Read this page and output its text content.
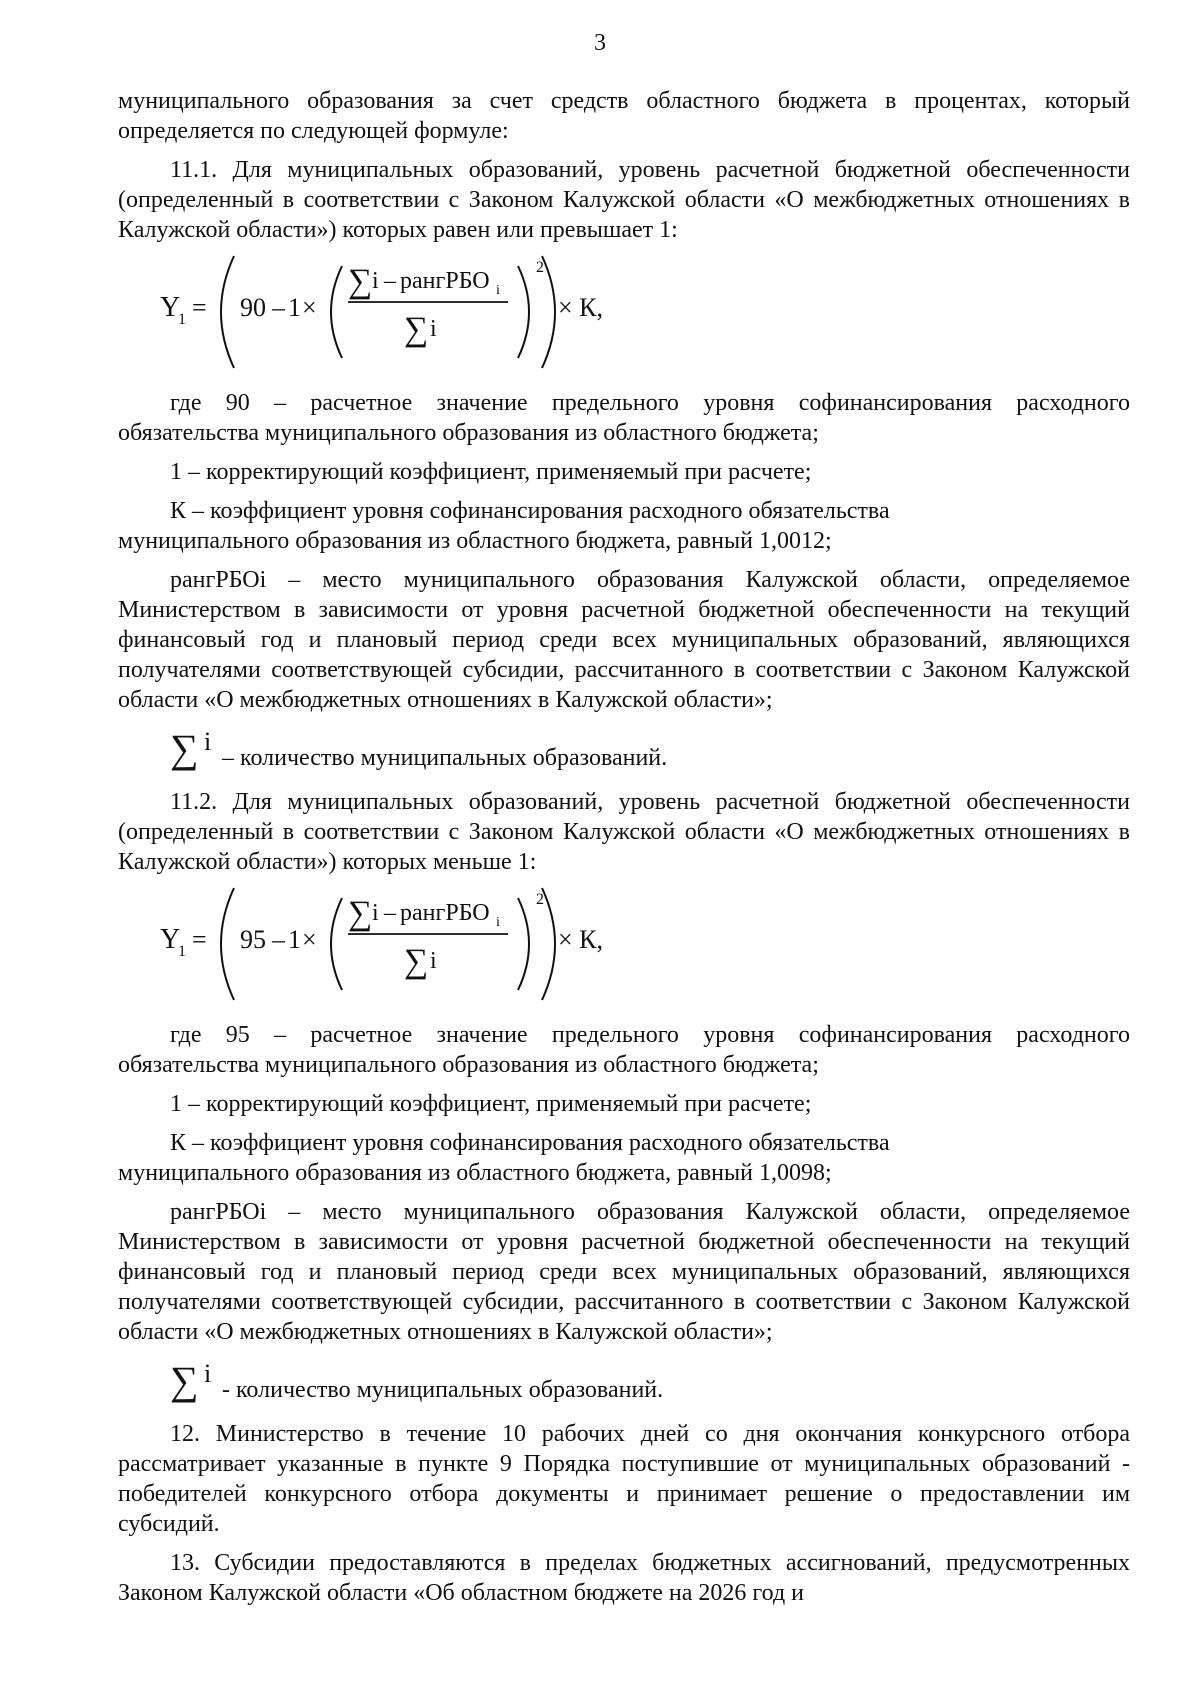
3

муниципального образования за счет средств областного бюджета в процентах, который определяется по следующей формуле:

11.1. Для муниципальных образований, уровень расчетной бюджетной обеспеченности (определенный в соответствии с Законом Калужской области «О межбюджетных отношениях в Калужской области») которых равен или превышает 1:

Y
1 = 90 – 1 ×
∑ i – рангРБО i
∑ i
2
× К,

где 90 – расчетное значение предельного уровня софинансирования расходного обязательства муниципального образования из областного бюджета;

1 – корректирующий коэффициент, применяемый при расчете;

К – коэффициент уровня софинансирования расходного обязательства

муниципального образования из областного бюджета, равный 1,0012;

рангРБОi – место муниципального образования Калужской области, определяемое Министерством в зависимости от уровня расчетной бюджетной обеспеченности на текущий финансовый год и плановый период среди всех муниципальных образований, являющихся получателями соответствующей субсидии, рассчитанного в соответствии с Законом Калужской области «О межбюджетных отношениях в Калужской области»;

∑ i
– количество муниципальных образований.

11.2. Для муниципальных образований, уровень расчетной бюджетной обеспеченности (определенный в соответствии с Законом Калужской области «О межбюджетных отношениях в Калужской области») которых меньше 1:

Y
1 = 95 – 1 ×
∑ i – рангРБО i
∑ i
2
× К,

где 95 – расчетное значение предельного уровня софинансирования расходного обязательства муниципального образования из областного бюджета;

1 – корректирующий коэффициент, применяемый при расчете;

К – коэффициент уровня софинансирования расходного обязательства

муниципального образования из областного бюджета, равный 1,0098;

рангРБОi – место муниципального образования Калужской области, определяемое Министерством в зависимости от уровня расчетной бюджетной обеспеченности на текущий финансовый год и плановый период среди всех муниципальных образований, являющихся получателями соответствующей субсидии, рассчитанного в соответствии с Законом Калужской области «О межбюджетных отношениях в Калужской области»;

∑ i
- количество муниципальных образований.

12. Министерство в течение 10 рабочих дней со дня окончания конкурсного отбора рассматривает указанные в пункте 9 Порядка поступившие от муниципальных образований - победителей конкурсного отбора документы и принимает решение о предоставлении им субсидий.

13. Субсидии предоставляются в пределах бюджетных ассигнований, предусмотренных Законом Калужской области «Об областном бюджете на 2026 год и
